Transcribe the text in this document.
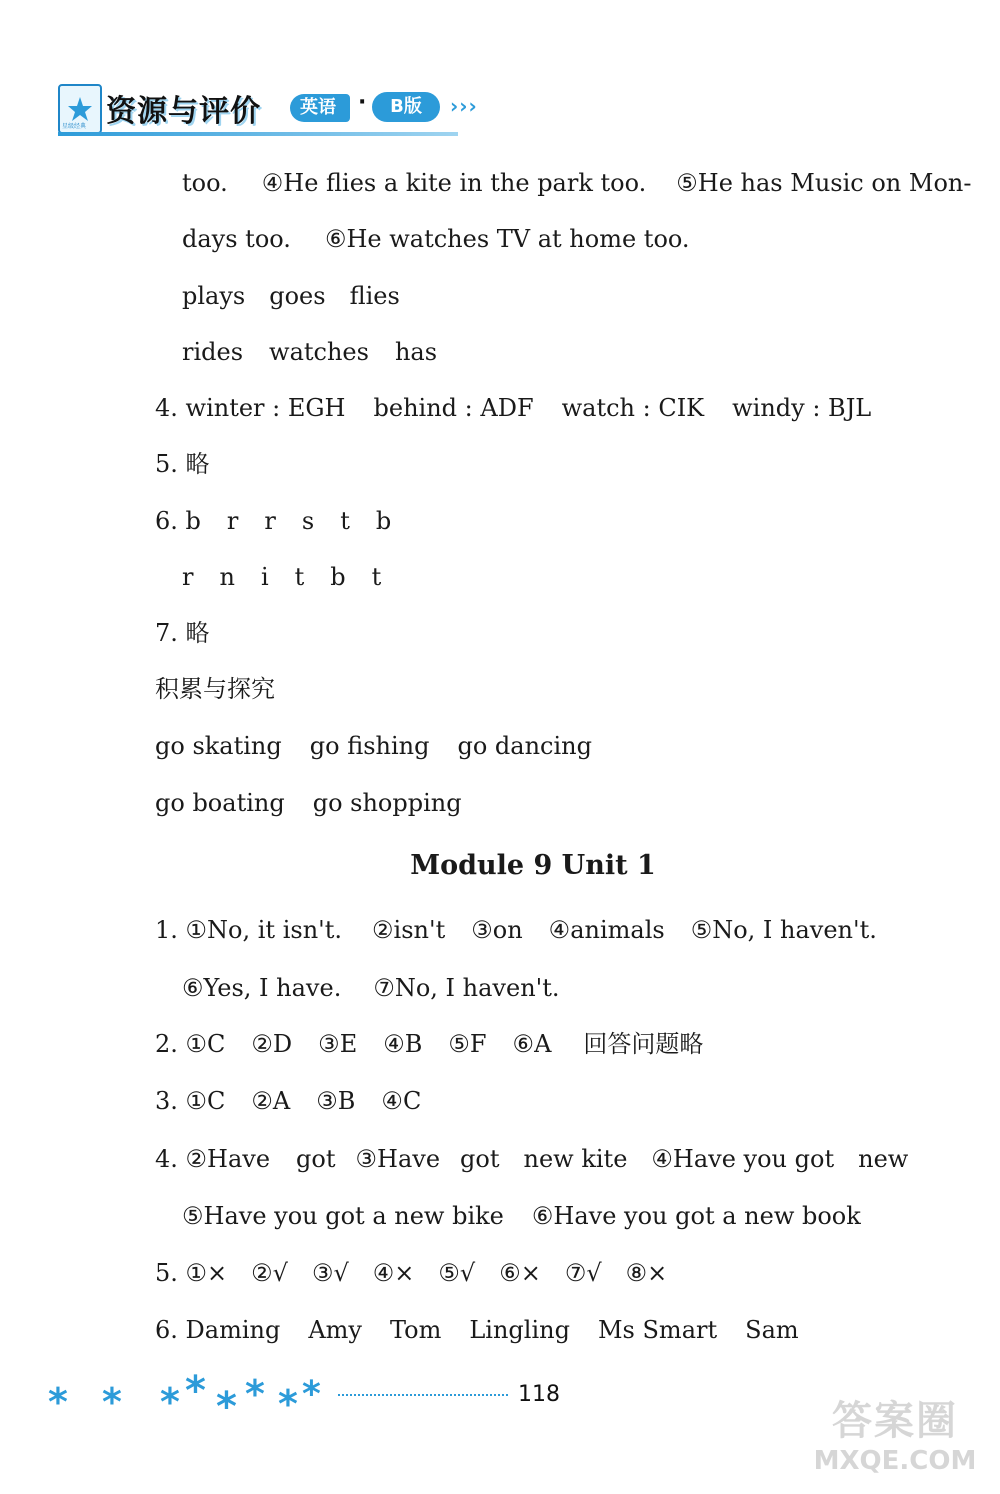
星级经典 资源与评价	英语	·	B版	›››
too. ④He flies a kite in the park too. ⑤He has Music on Mon-
days too. ⑥He watches TV at home too.
plays goes flies
rides watches has
4. winter : EGH behind : ADF watch : CIK windy : BJL
5. 略
6. b r r s t b
r n i t b t
7. 略
积累与探究
go skating go fishing go dancing
go boating go shopping
Module 9 Unit 1
1. ①No, it isn't. ②isn't ③on ④animals ⑤No, I haven't.
⑥Yes, I have. ⑦No, I haven't.
2. ①C ②D ③E ④B ⑤F ⑥A 回答问题略
3. ①C ②A ③B ④C
4. ②Have got ③Have got new kite ④Have you got new
⑤Have you got a new bike ⑥Have you got a new book
5. ①× ②√ ③√ ④× ⑤√ ⑥× ⑦√ ⑧×
6. Daming Amy Tom Lingling Ms Smart Sam
* * * * * * * *	118
答案圈
MXQE.COM
